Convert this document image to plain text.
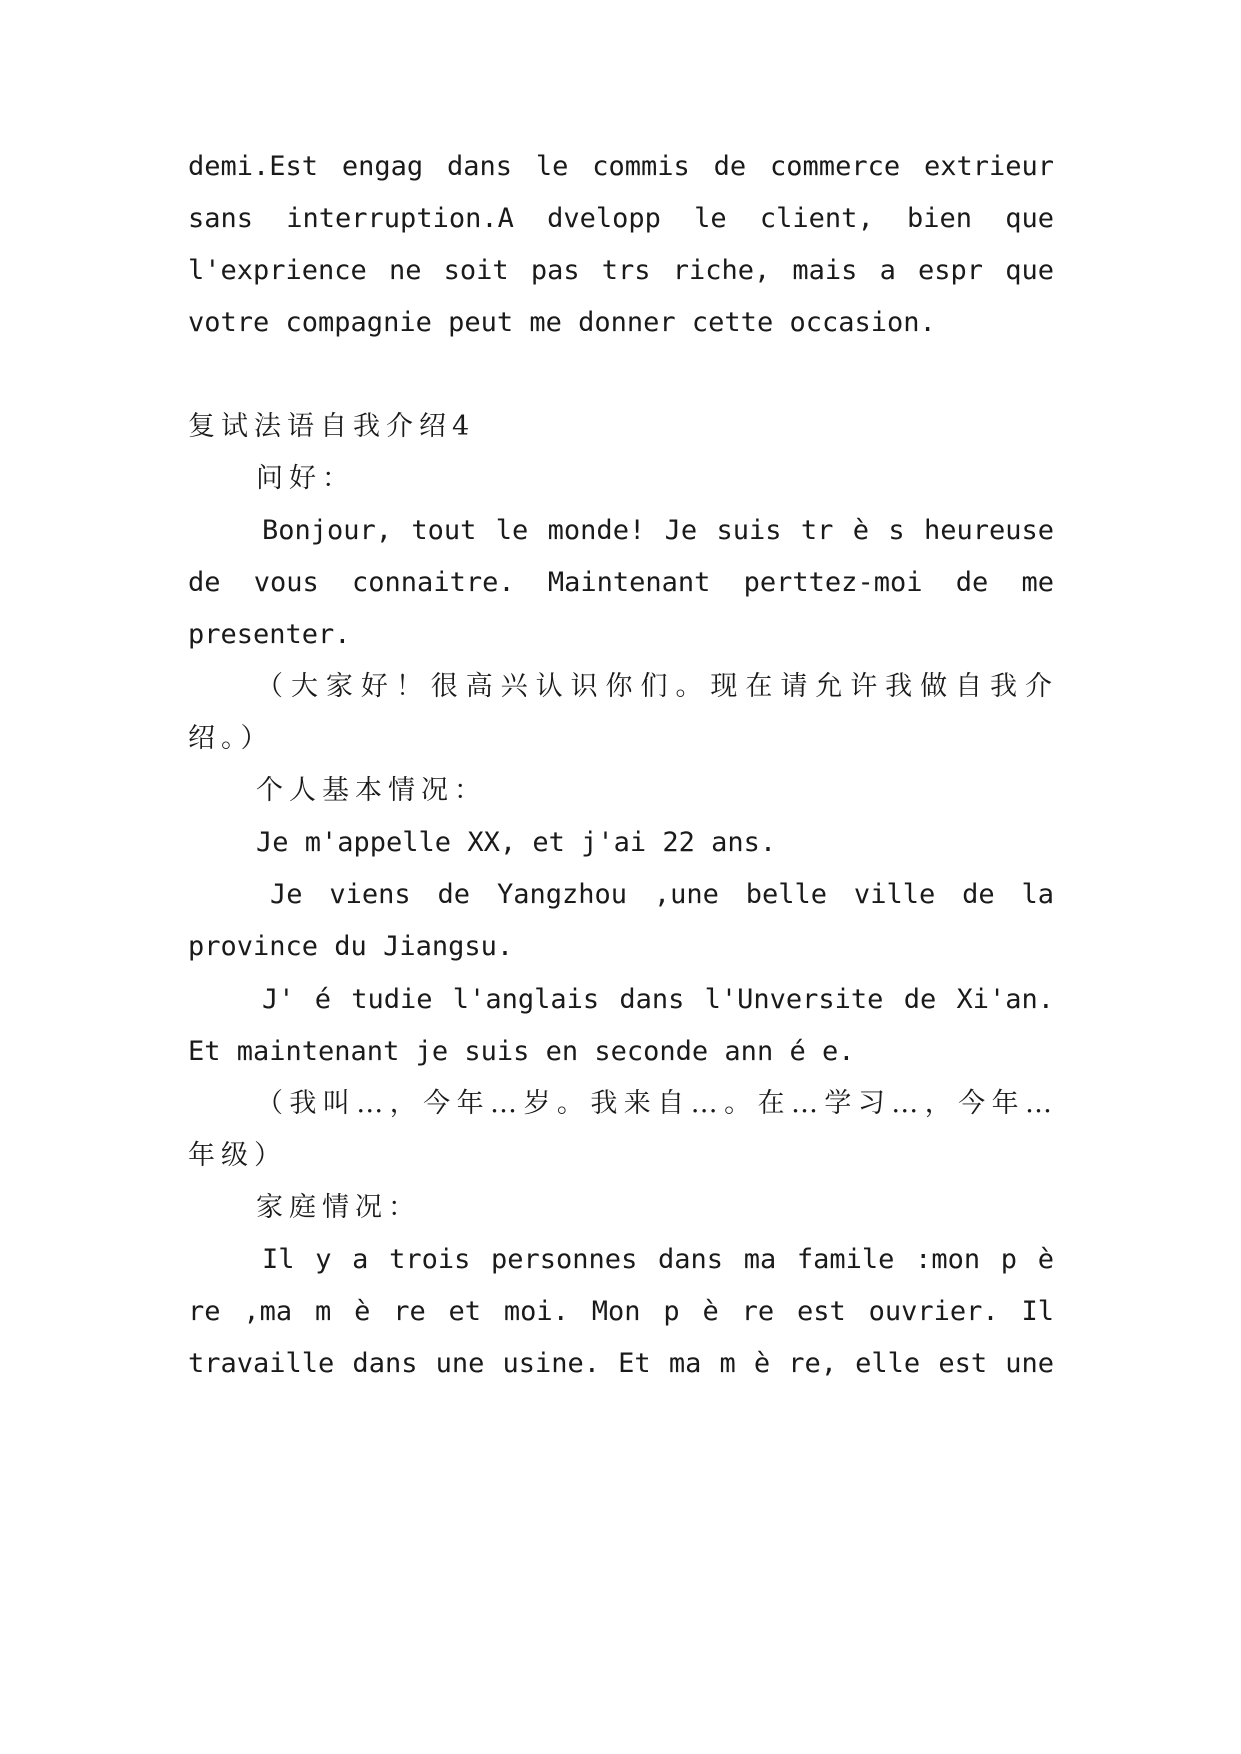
demi.Est engag dans le commis de commerce extrieur
sans interruption.A dvelopp le client, bien que
l'exprience ne soit pas trs riche, mais a espr que
votre compagnie peut me donner cette occasion.
复试法语自我介绍4
问好：
Bonjour, tout le monde! Je suis tr è s heureuse
de vous connaitre. Maintenant perttez-moi de me
presenter.
（大家好！很高兴认识你们。现在请允许我做自我介
绍。）
个人基本情况：
Je m'appelle XX, et j'ai 22 ans.
Je viens de Yangzhou ,une belle ville de la
province du Jiangsu.
J' é tudie l'anglais dans l'Unversite de Xi'an.
Et maintenant je suis en seconde ann é e.
（我叫…，今年…岁。我来自…。在…学习…，今年…
年级）
家庭情况：
Il y a trois personnes dans ma famile :mon p è
re ,ma m è re et moi. Mon p è re est ouvrier. Il
travaille dans une usine. Et ma m è re, elle est une
